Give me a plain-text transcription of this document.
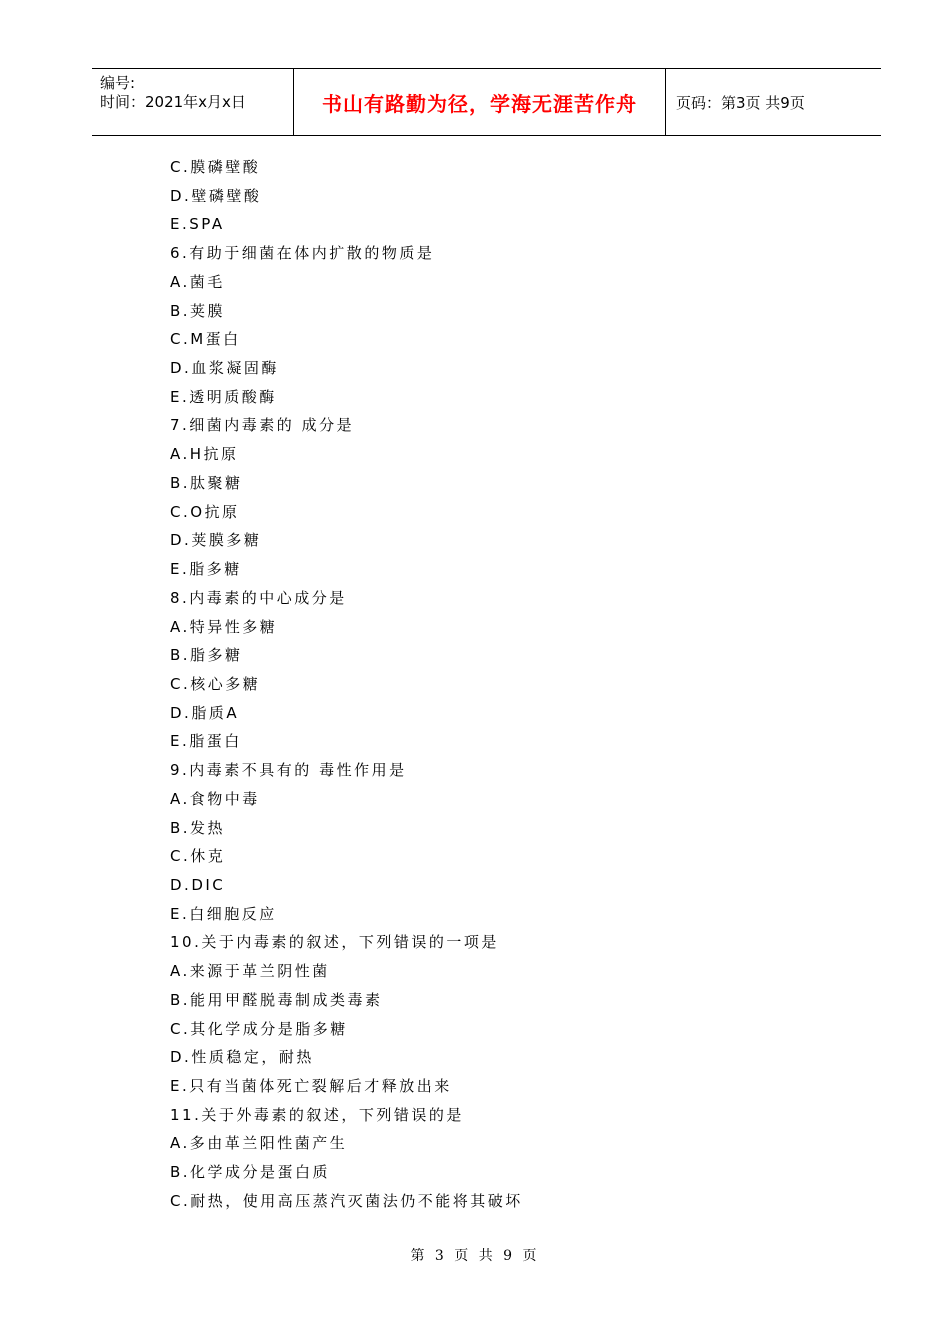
编号:
时间：2021年x月x日	书山有路勤为径，学海无涯苦作舟	页码：第3页 共9页
C.膜磷壁酸
D.壁磷壁酸
E.SPA
6.有助于细菌在体内扩散的物质是
A.菌毛
B.荚膜
C.M蛋白
D.血浆凝固酶
E.透明质酸酶
7.细菌内毒素的 成分是
A.H抗原
B.肽聚糖
C.O抗原
D.荚膜多糖
E.脂多糖
8.内毒素的中心成分是
A.特异性多糖
B.脂多糖
C.核心多糖
D.脂质A
E.脂蛋白
9.内毒素不具有的 毒性作用是
A.食物中毒
B.发热
C.休克
D.DIC
E.白细胞反应
10.关于内毒素的叙述，下列错误的一项是
A.来源于革兰阴性菌
B.能用甲醛脱毒制成类毒素
C.其化学成分是脂多糖
D.性质稳定，耐热
E.只有当菌体死亡裂解后才释放出来
11.关于外毒素的叙述，下列错误的是
A.多由革兰阳性菌产生
B.化学成分是蛋白质
C.耐热，使用高压蒸汽灭菌法仍不能将其破坏
第 3 页 共 9 页
